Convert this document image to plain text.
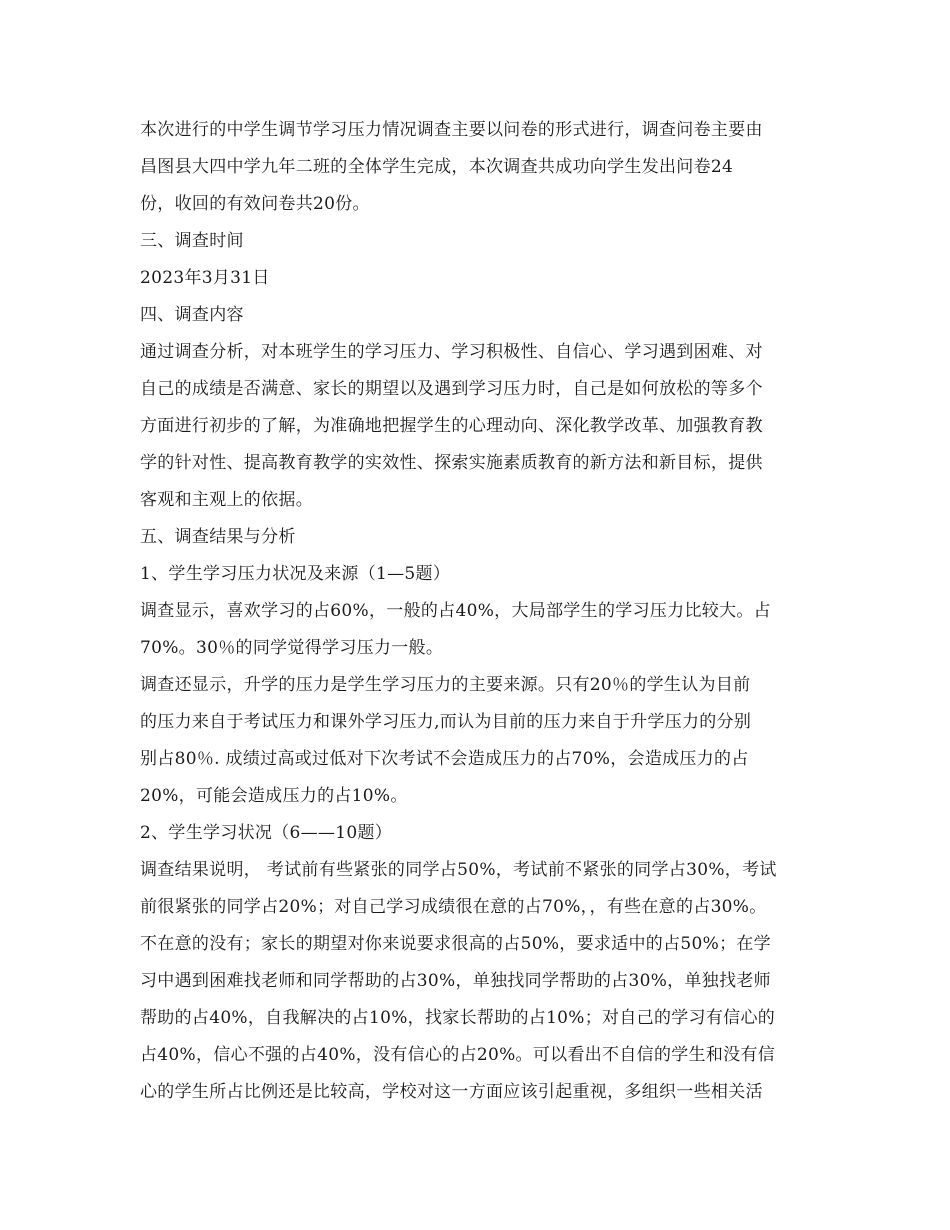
本次进行的中学生调节学习压力情况调查主要以问卷的形式进行，调查问卷主要由
昌图县大四中学九年二班的全体学生完成，本次调查共成功向学生发出问卷24
份，收回的有效问卷共20份。
三、调查时间
2023年3月31日
四、调查内容
通过调查分析，对本班学生的学习压力、学习积极性、自信心、学习遇到困难、对
自己的成绩是否满意、家长的期望以及遇到学习压力时，自己是如何放松的等多个
方面进行初步的了解，为准确地把握学生的心理动向、深化教学改革、加强教育教
学的针对性、提高教育教学的实效性、探索实施素质教育的新方法和新目标，提供
客观和主观上的依据。
五、调查结果与分析
1、学生学习压力状况及来源（1—5题）
调查显示，喜欢学习的占60%，一般的占40%，大局部学生的学习压力比较大。占
70%。30％的同学觉得学习压力一般。
调查还显示，升学的压力是学生学习压力的主要来源。只有20％的学生认为目前
的压力来自于考试压力和课外学习压力,而认为目前的压力来自于升学压力的分别
别占80％. 成绩过高或过低对下次考试不会造成压力的占70%，会造成压力的占
20%，可能会造成压力的占10%。
2、学生学习状况（6——10题）
调查结果说明， 考试前有些紧张的同学占50%，考试前不紧张的同学占30%，考试
前很紧张的同学占20%；对自己学习成绩很在意的占70%，，有些在意的占30%。
不在意的没有；家长的期望对你来说要求很高的占50%，要求适中的占50%；在学
习中遇到困难找老师和同学帮助的占30%，单独找同学帮助的占30%，单独找老师
帮助的占40%，自我解决的占10%，找家长帮助的占10%；对自己的学习有信心的
占40%，信心不强的占40%，没有信心的占20%。可以看出不自信的学生和没有信
心的学生所占比例还是比较高，学校对这一方面应该引起重视，多组织一些相关活
